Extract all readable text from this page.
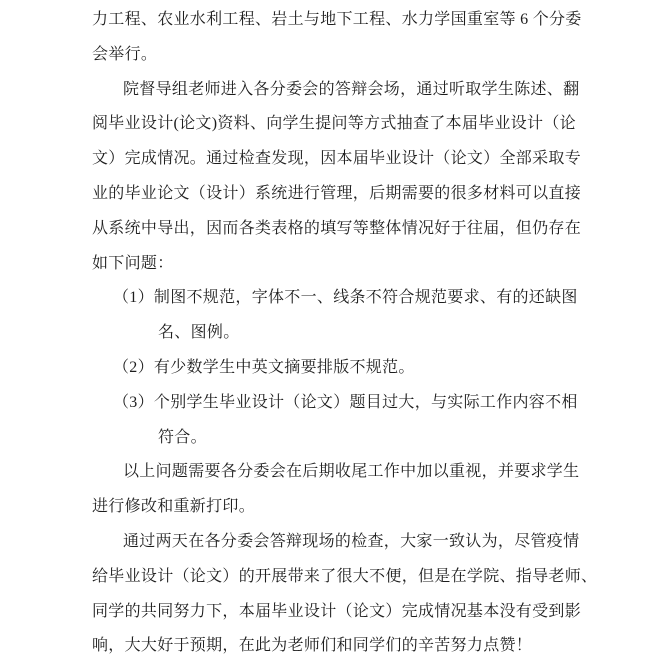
力工程、农业水利工程、岩土与地下工程、水力学国重室等 6 个分委
会举行。
院督导组老师进入各分委会的答辩会场，通过听取学生陈述、翻
阅毕业设计(论文)资料、向学生提问等方式抽查了本届毕业设计（论
文）完成情况。通过检查发现，因本届毕业设计（论文）全部采取专
业的毕业论文（设计）系统进行管理，后期需要的很多材料可以直接
从系统中导出，因而各类表格的填写等整体情况好于往届，但仍存在
如下问题：
（1）制图不规范，字体不一、线条不符合规范要求、有的还缺图
名、图例。
（2）有少数学生中英文摘要排版不规范。
（3）个别学生毕业设计（论文）题目过大，与实际工作内容不相
符合。
以上问题需要各分委会在后期收尾工作中加以重视，并要求学生
进行修改和重新打印。
通过两天在各分委会答辩现场的检查，大家一致认为，尽管疫情
给毕业设计（论文）的开展带来了很大不便，但是在学院、指导老师、
同学的共同努力下，本届毕业设计（论文）完成情况基本没有受到影
响，大大好于预期，在此为老师们和同学们的辛苦努力点赞！
